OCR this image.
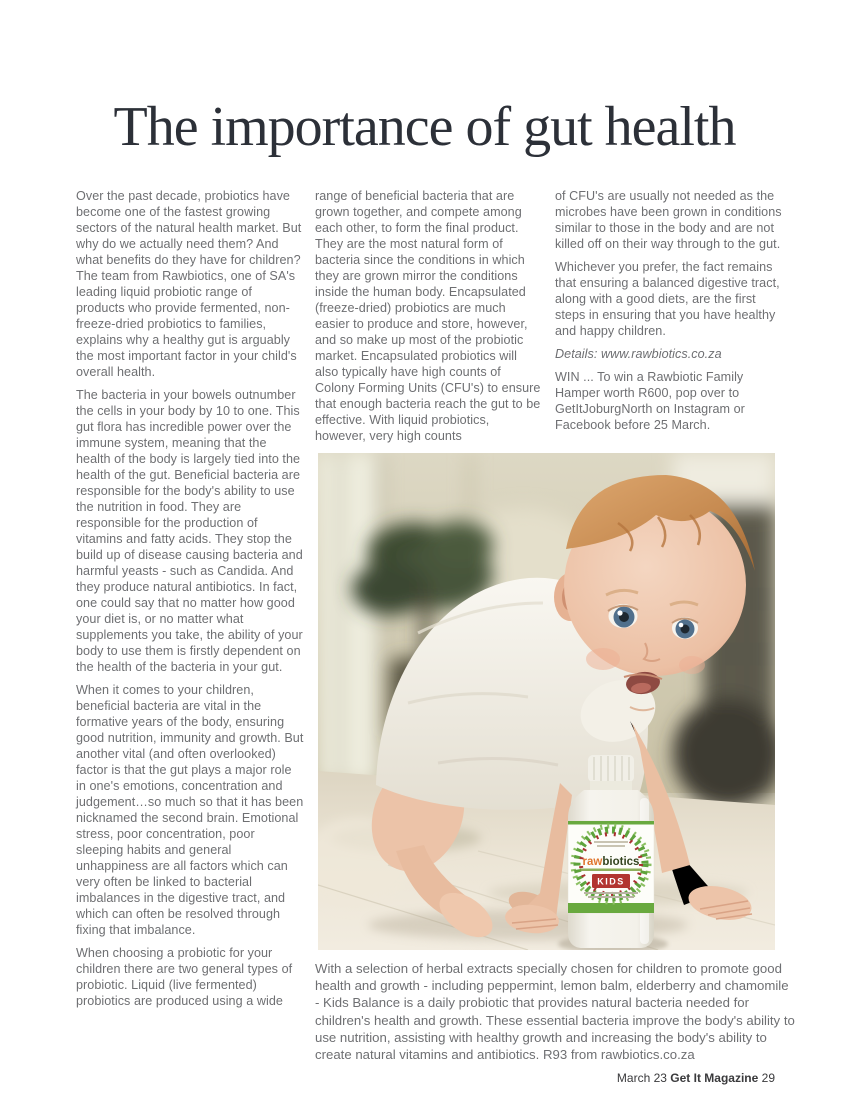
The importance of gut health

Over the past decade, probiotics have become one of the fastest growing sectors of the natural health market. But why do we actually need them? And what benefits do they have for children? The team from Rawbiotics, one of SA's leading liquid probiotic range of products who provide fermented, non-freeze-dried probiotics to families, explains why a healthy gut is arguably the most important factor in your child's overall health.

The bacteria in your bowels outnumber the cells in your body by 10 to one. This gut flora has incredible power over the immune system, meaning that the health of the body is largely tied into the health of the gut. Beneficial bacteria are responsible for the body's ability to use the nutrition in food. They are responsible for the production of vitamins and fatty acids. They stop the build up of disease causing bacteria and harmful yeasts - such as Candida. And they produce natural antibiotics. In fact, one could say that no matter how good your diet is, or no matter what supplements you take, the ability of your body to use them is firstly dependent on the health of the bacteria in your gut.

When it comes to your children, beneficial bacteria are vital in the formative years of the body, ensuring good nutrition, immunity and growth. But another vital (and often overlooked) factor is that the gut plays a major role in one's emotions, concentration and judgement…so much so that it has been nicknamed the second brain. Emotional stress, poor concentration, poor sleeping habits and general unhappiness are all factors which can very often be linked to bacterial imbalances in the digestive tract, and which can often be resolved through fixing that imbalance.

When choosing a probiotic for your children there are two general types of probiotic. Liquid (live fermented) probiotics are produced using a wide

range of beneficial bacteria that are grown together, and compete among each other, to form the final product. They are the most natural form of bacteria since the conditions in which they are grown mirror the conditions inside the human body. Encapsulated (freeze-dried) probiotics are much easier to produce and store, however, and so make up most of the probiotic market. Encapsulated probiotics will also typically have high counts of Colony Forming Units (CFU's) to ensure that enough bacteria reach the gut to be effective. With liquid probiotics, however, very high counts

of CFU's are usually not needed as the microbes have been grown in conditions similar to those in the body and are not killed off on their way through to the gut.

Whichever you prefer, the fact remains that ensuring a balanced digestive tract, along with a good diets, are the first steps in ensuring that you have healthy and happy children.

Details: www.rawbiotics.co.za

WIN ... To win a Rawbiotic Family Hamper worth R600, pop over to GetItJoburgNorth on Instagram or Facebook before 25 March.

rawbiotics
KIDS
With a selection of herbal extracts specially chosen for children to promote good health and growth - including peppermint, lemon balm, elderberry and chamomile - Kids Balance is a daily probiotic that provides natural bacteria needed for children's health and growth. These essential bacteria improve the body's ability to use nutrition, assisting with healthy growth and increasing the body's ability to create natural vitamins and antibiotics. R93 from rawbiotics.co.za
March 23 Get It Magazine 29
